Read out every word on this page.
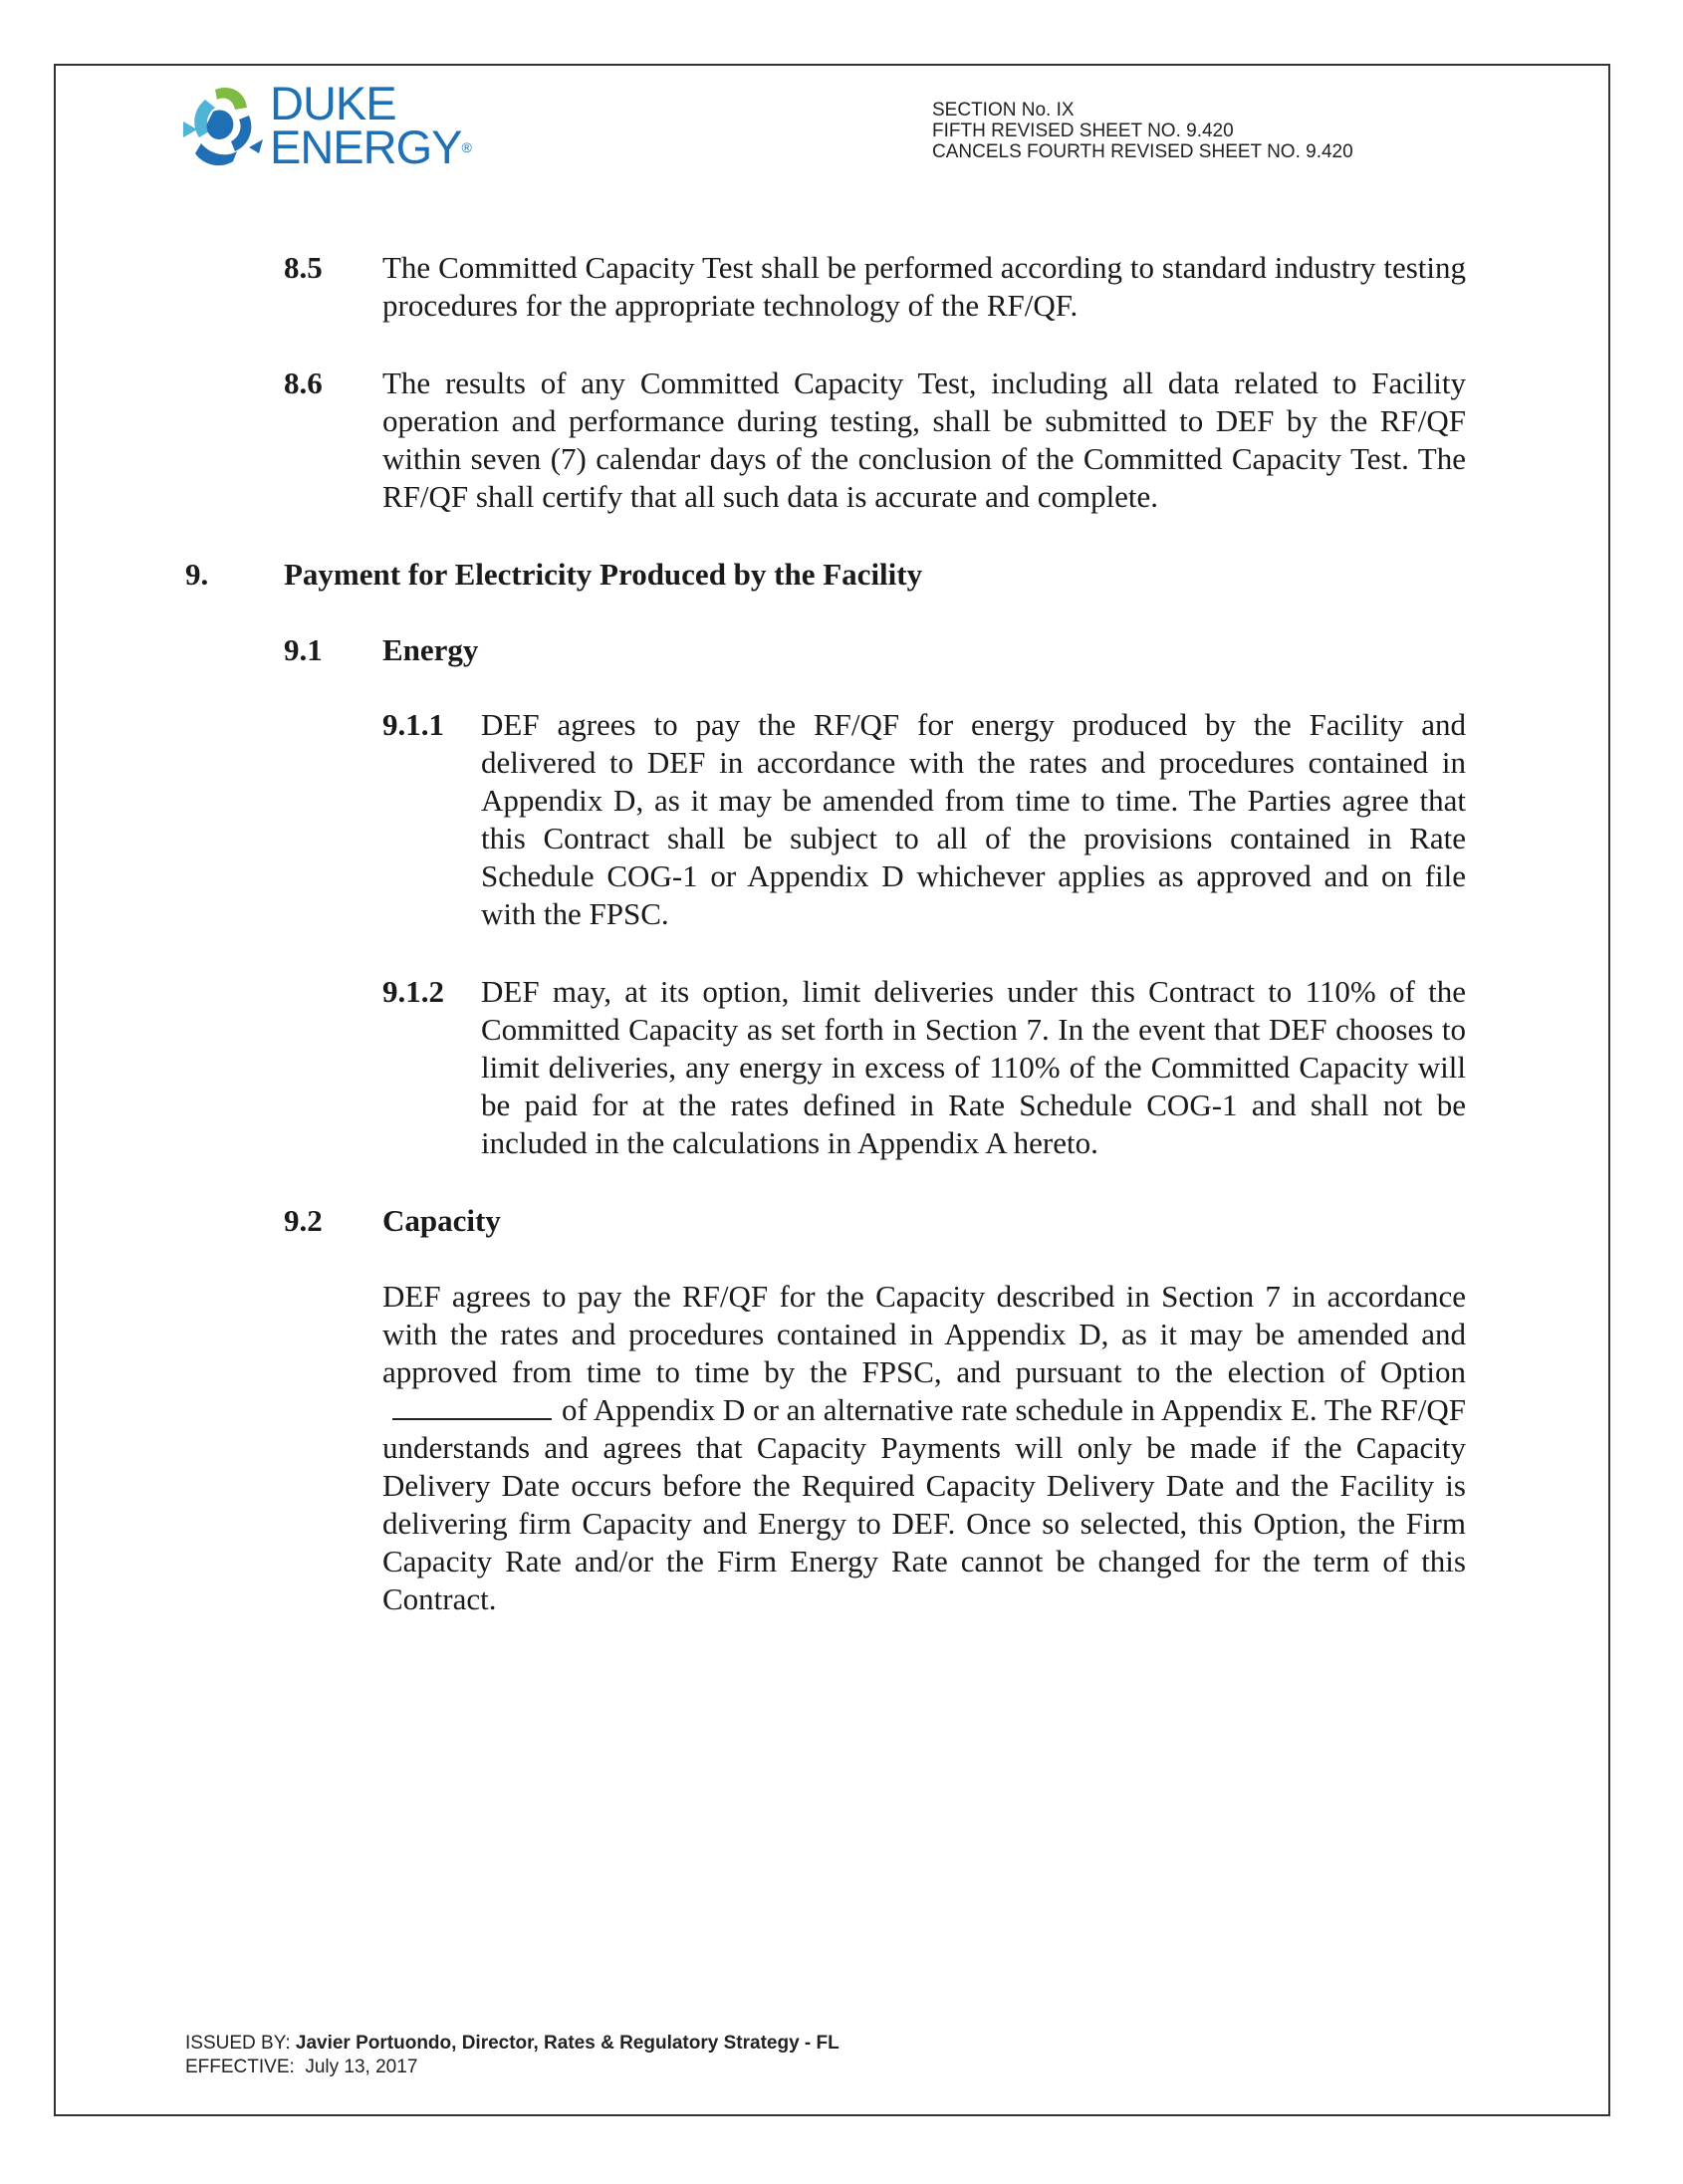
DUKE
ENERGY®
SECTION No. IX
FIFTH REVISED SHEET NO. 9.420
CANCELS FOURTH REVISED SHEET NO. 9.420
8.5 The Committed Capacity Test shall be performed according to standard industry testing procedures for the appropriate technology of the RF/QF.
8.6 The results of any Committed Capacity Test, including all data related to Facility operation and performance during testing, shall be submitted to DEF by the RF/QF within seven (7) calendar days of the conclusion of the Committed Capacity Test. The RF/QF shall certify that all such data is accurate and complete.
9. Payment for Electricity Produced by the Facility
9.1 Energy
9.1.1 DEF agrees to pay the RF/QF for energy produced by the Facility and delivered to DEF in accordance with the rates and procedures contained in Appendix D, as it may be amended from time to time. The Parties agree that this Contract shall be subject to all of the provisions contained in Rate Schedule COG-1 or Appendix D whichever applies as approved and on file with the FPSC.
9.1.2 DEF may, at its option, limit deliveries under this Contract to 110% of the Committed Capacity as set forth in Section 7. In the event that DEF chooses to limit deliveries, any energy in excess of 110% of the Committed Capacity will be paid for at the rates defined in Rate Schedule COG-1 and shall not be included in the calculations in Appendix A hereto.
9.2 Capacity
DEF agrees to pay the RF/QF for the Capacity described in Section 7 in accordance with the rates and procedures contained in Appendix D, as it may be amended and approved from time to time by the FPSC, and pursuant to the election of Optionof Appendix D or an alternative rate schedule in Appendix E. The RF/QF understands and agrees that Capacity Payments will only be made if the Capacity Delivery Date occurs before the Required Capacity Delivery Date and the Facility is delivering firm Capacity and Energy to DEF. Once so selected, this Option, the Firm Capacity Rate and/or the Firm Energy Rate cannot be changed for the term of this Contract.
ISSUED BY: Javier Portuondo, Director, Rates & Regulatory Strategy - FL
EFFECTIVE: July 13, 2017
